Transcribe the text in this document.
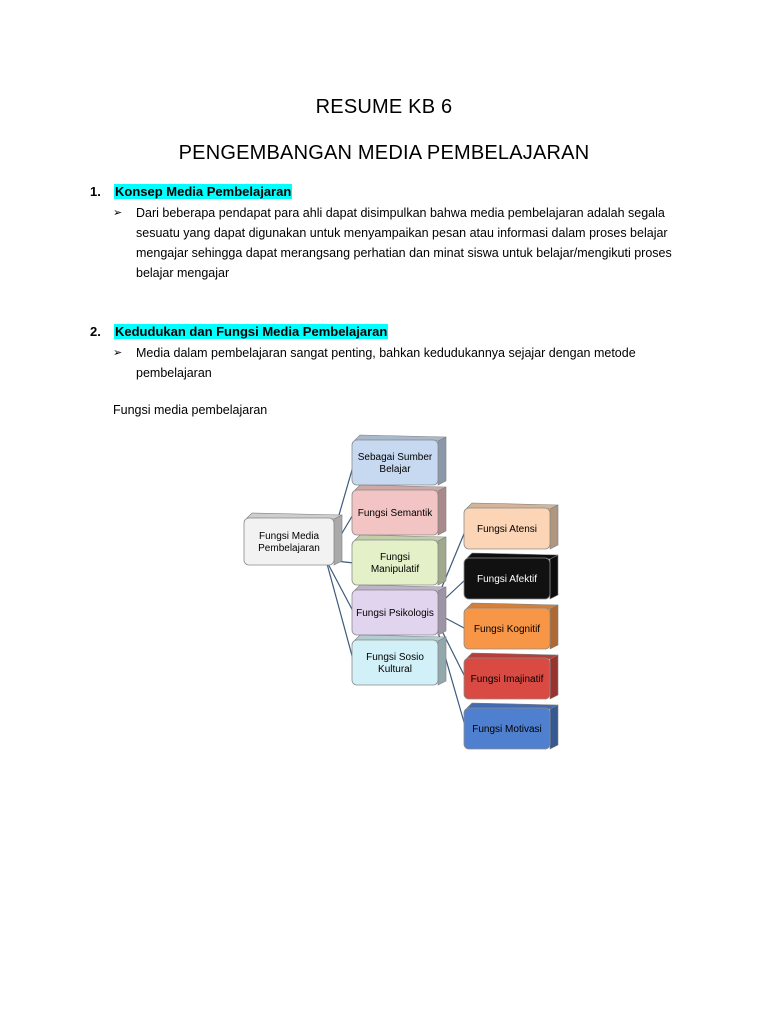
RESUME KB 6
PENGEMBANGAN MEDIA PEMBELAJARAN
1. Konsep Media Pembelajaran
➢ Dari beberapa pendapat para ahli dapat disimpulkan bahwa media pembelajaran adalah segala sesuatu yang dapat digunakan untuk menyampaikan pesan atau informasi dalam proses belajar mengajar sehingga dapat merangsang perhatian dan minat siswa untuk belajar/mengikuti proses belajar mengajar
2. Kedudukan dan Fungsi Media Pembelajaran
➢ Media dalam pembelajaran sangat penting, bahkan kedudukannya sejajar dengan metode pembelajaran
Fungsi media pembelajaran
Fungsi Media
Pembelajaran
Sebagai Sumber
Belajar
Fungsi Semantik
Fungsi
Manipulatif
Fungsi Psikologis
Fungsi Sosio
Kultural
Fungsi Atensi
Fungsi Afektif
Fungsi Kognitif
Fungsi Imajinatif
Fungsi Motivasi
